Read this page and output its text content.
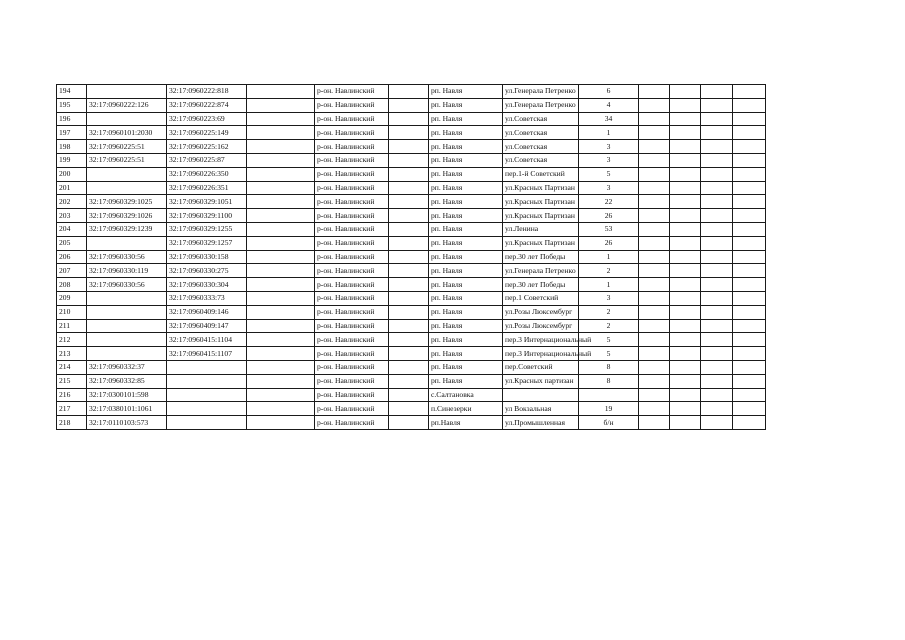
194		32:17:0960222:818		р-он. Навлинский		рп. Навля	ул.Генерала Петренко	6				
195	32:17:0960222:126	32:17:0960222:874		р-он. Навлинский		рп. Навля	ул.Генерала Петренко	4				
196		32:17:0960223:69		р-он. Навлинский		рп. Навля	ул.Советская	34				
197	32:17:0960101:2030	32:17:0960225:149		р-он. Навлинский		рп. Навля	ул.Советская	1				
198	32:17:0960225:51	32:17:0960225:162		р-он. Навлинский		рп. Навля	ул.Советская	3				
199	32:17:0960225:51	32:17:0960225:87		р-он. Навлинский		рп. Навля	ул.Советская	3				
200		32:17:0960226:350		р-он. Навлинский		рп. Навля	пер.1-й Советский	5				
201		32:17:0960226:351		р-он. Навлинский		рп. Навля	ул.Красных Партизан	3				
202	32:17:0960329:1025	32:17:0960329:1051		р-он. Навлинский		рп. Навля	ул.Красных Партизан	22				
203	32:17:0960329:1026	32:17:0960329:1100		р-он. Навлинский		рп. Навля	ул.Красных Партизан	26				
204	32:17:0960329:1239	32:17:0960329:1255		р-он. Навлинский		рп. Навля	ул.Ленина	53				
205		32:17:0960329:1257		р-он. Навлинский		рп. Навля	ул.Красных Партизан	26				
206	32:17:0960330:56	32:17:0960330:158		р-он. Навлинский		рп. Навля	пер.30 лет Победы	1				
207	32:17:0960330:119	32:17:0960330:275		р-он. Навлинский		рп. Навля	ул.Генерала Петренко	2				
208	32:17:0960330:56	32:17:0960330:304		р-он. Навлинский		рп. Навля	пер.30 лет Победы	1				
209		32:17:0960333:73		р-он. Навлинский		рп. Навля	пер.1 Советский	3				
210		32:17:0960409:146		р-он. Навлинский		рп. Навля	ул.Розы Люксембург	2				
211		32:17:0960409:147		р-он. Навлинский		рп. Навля	ул.Розы Люксембург	2				
212		32:17:0960415:1104		р-он. Навлинский		рп. Навля	пер.3 Интернациональный	5				
213		32:17:0960415:1107		р-он. Навлинский		рп. Навля	пер.3 Интернациональный	5				
214	32:17:0960332:37			р-он. Навлинский		рп. Навля	пер.Советский	8				
215	32:17:0960332:85			р-он. Навлинский		рп. Навля	ул.Красных партизан	8				
216	32:17:0300101:598			р-он. Навлинский		с.Салтановка						
217	32:17:0380101:1061			р-он. Навлинский		п.Синезерки	ул Вокзальная	19				
218	32:17:0110103:573			р-он. Навлинский		рп.Навля	ул.Промышленная	б/н				
